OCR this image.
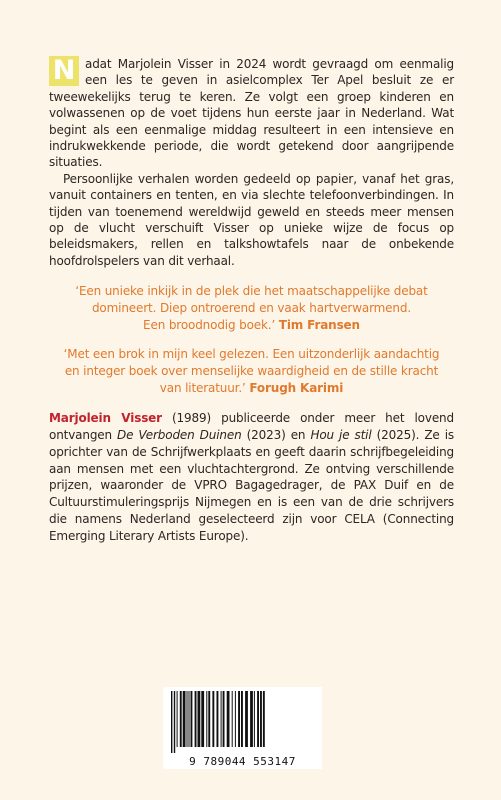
N adat Marjolein Visser in 2024 wordt gevraagd om eenmalig een les te geven in asielcomplex Ter Apel besluit ze er tweewekelijks terug te keren. Ze volgt een groep kinderen en volwassenen op de voet tijdens hun eerste jaar in Nederland. Wat begint als een eenmalige middag resulteert in een intensieve en indrukwekkende periode, die wordt getekend door aangrijpende situaties.

Persoonlijke verhalen worden gedeeld op papier, vanaf het gras, vanuit containers en tenten, en via slechte telefoonverbindingen. In tijden van toenemend wereldwijd geweld en steeds meer mensen op de vlucht verschuift Visser op unieke wijze de focus op beleidsmakers, rellen en talkshowtafels naar de onbekende hoofdrolspelers van dit verhaal.

‘Een unieke inkijk in de plek die het maatschappelijke debat
domineert. Diep ontroerend en vaak hartverwarmend.
Een broodnodig boek.’ Tim Fransen
‘Met een brok in mijn keel gelezen. Een uitzonderlijk aandachtig
en integer boek over menselijke waardigheid en de stille kracht
van literatuur.’ Forugh Karimi
Marjolein Visser (1989) publiceerde onder meer het lovend ontvangen De Verboden Duinen (2023) en Hou je stil (2025). Ze is oprichter van de Schrijfwerkplaats en geeft daarin schrijfbegeleiding aan mensen met een vluchtachtergrond. Ze ontving verschillende prijzen, waaronder de VPRO Bagagedrager, de PAX Duif en de Cultuurstimuleringsprijs Nijmegen en is een van de drie schrijvers die namens Nederland geselecteerd zijn voor CELA (Connecting Emerging Literary Artists Europe).
9 789044 553147
